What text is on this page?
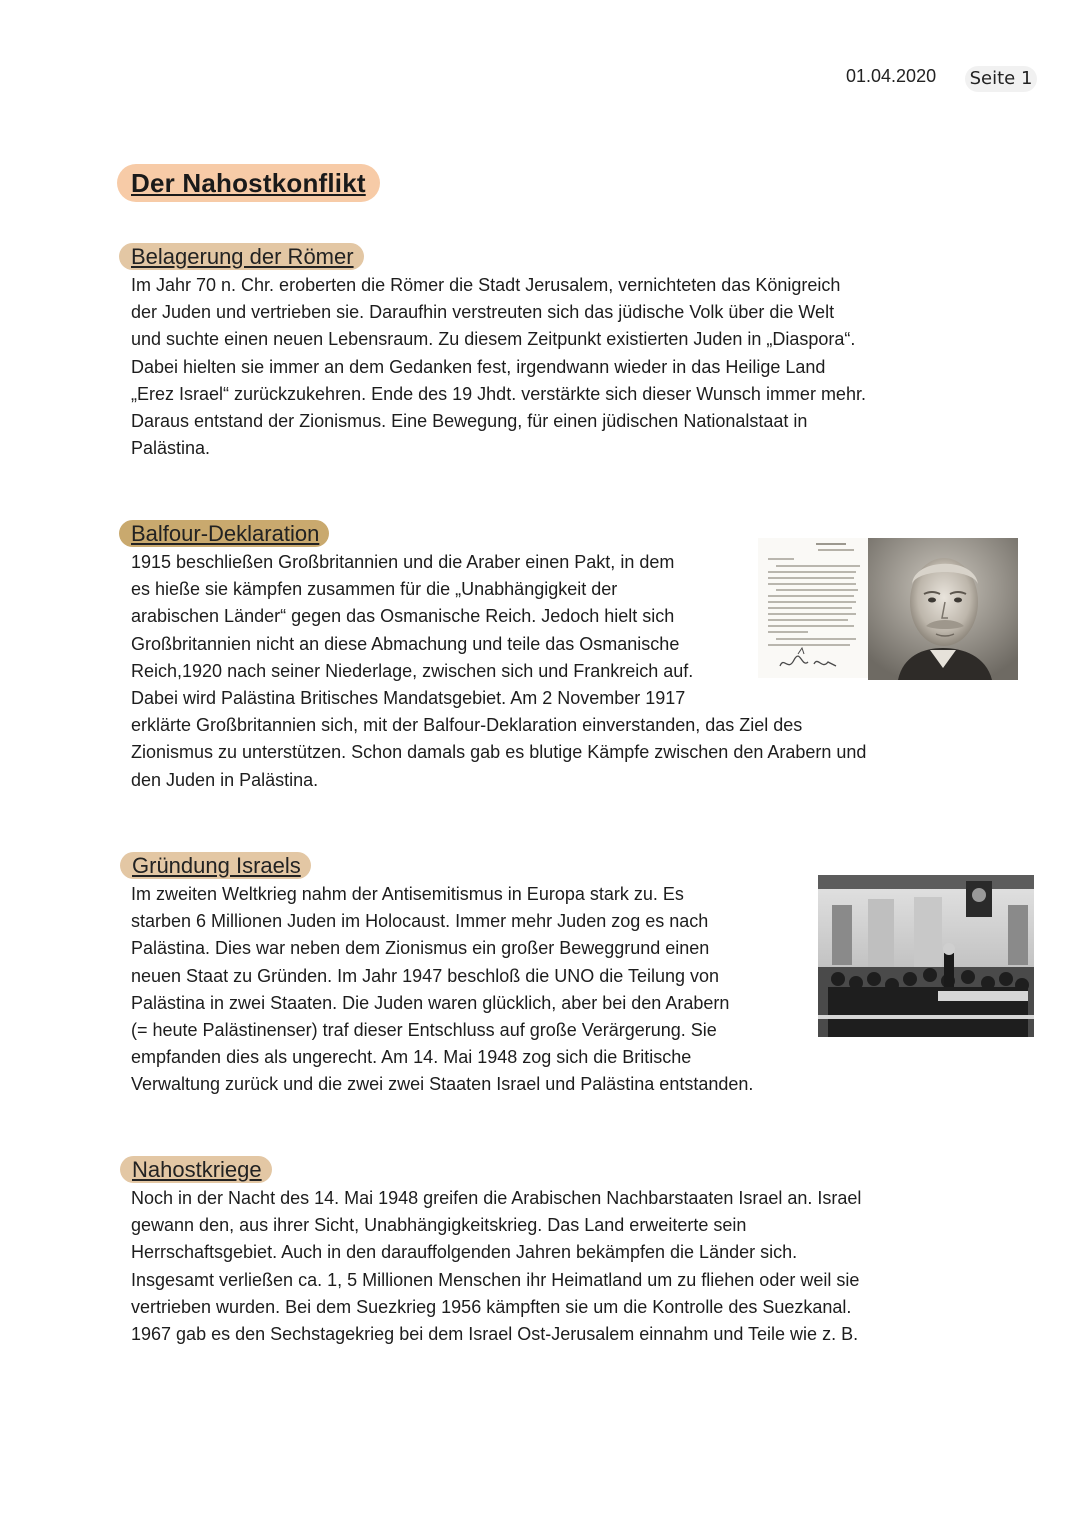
01.04.2020 Seite 1
Der Nahostkonflikt
Belagerung der Römer
Im Jahr 70 n. Chr. eroberten die Römer die Stadt Jerusalem, vernichteten das Königreich
der Juden und vertrieben sie. Daraufhin verstreuten sich das jüdische Volk über die Welt
und suchte einen neuen Lebensraum. Zu diesem Zeitpunkt existierten Juden in „Diaspora“.
Dabei hielten sie immer an dem Gedanken fest, irgendwann wieder in das Heilige Land
„Erez Israel“ zurückzukehren. Ende des 19 Jhdt. verstärkte sich dieser Wunsch immer mehr.
Daraus entstand der Zionismus. Eine Bewegung, für einen jüdischen Nationalstaat in
Palästina.
Balfour-Deklaration
1915 beschließen Großbritannien und die Araber einen Pakt, in dem
es hieße sie kämpfen zusammen für die „Unabhängigkeit der
arabischen Länder“ gegen das Osmanische Reich. Jedoch hielt sich
Großbritannien nicht an diese Abmachung und teile das Osmanische
Reich,1920 nach seiner Niederlage, zwischen sich und Frankreich auf.
Dabei wird Palästina Britisches Mandatsgebiet. Am 2 November 1917
erklärte Großbritannien sich, mit der Balfour-Deklaration einverstanden, das Ziel des
Zionismus zu unterstützen. Schon damals gab es blutige Kämpfe zwischen den Arabern und
den Juden in Palästina.
Gründung Israels
Im zweiten Weltkrieg nahm der Antisemitismus in Europa stark zu. Es
starben 6 Millionen Juden im Holocaust. Immer mehr Juden zog es nach
Palästina. Dies war neben dem Zionismus ein großer Beweggrund einen
neuen Staat zu Gründen. Im Jahr 1947 beschloß die UNO die Teilung von
Palästina in zwei Staaten. Die Juden waren glücklich, aber bei den Arabern
(= heute Palästinenser) traf dieser Entschluss auf große Verärgerung. Sie
empfanden dies als ungerecht. Am 14. Mai 1948 zog sich die Britische
Verwaltung zurück und die zwei zwei Staaten Israel und Palästina entstanden.
Nahostkriege
Noch in der Nacht des 14. Mai 1948 greifen die Arabischen Nachbarstaaten Israel an. Israel
gewann den, aus ihrer Sicht, Unabhängigkeitskrieg. Das Land erweiterte sein
Herrschaftsgebiet. Auch in den darauffolgenden Jahren bekämpfen die Länder sich.
Insgesamt verließen ca. 1, 5 Millionen Menschen ihr Heimatland um zu fliehen oder weil sie
vertrieben wurden. Bei dem Suezkrieg 1956 kämpften sie um die Kontrolle des Suezkanal.
1967 gab es den Sechstagekrieg bei dem Israel Ost-Jerusalem einnahm und Teile wie z. B.
